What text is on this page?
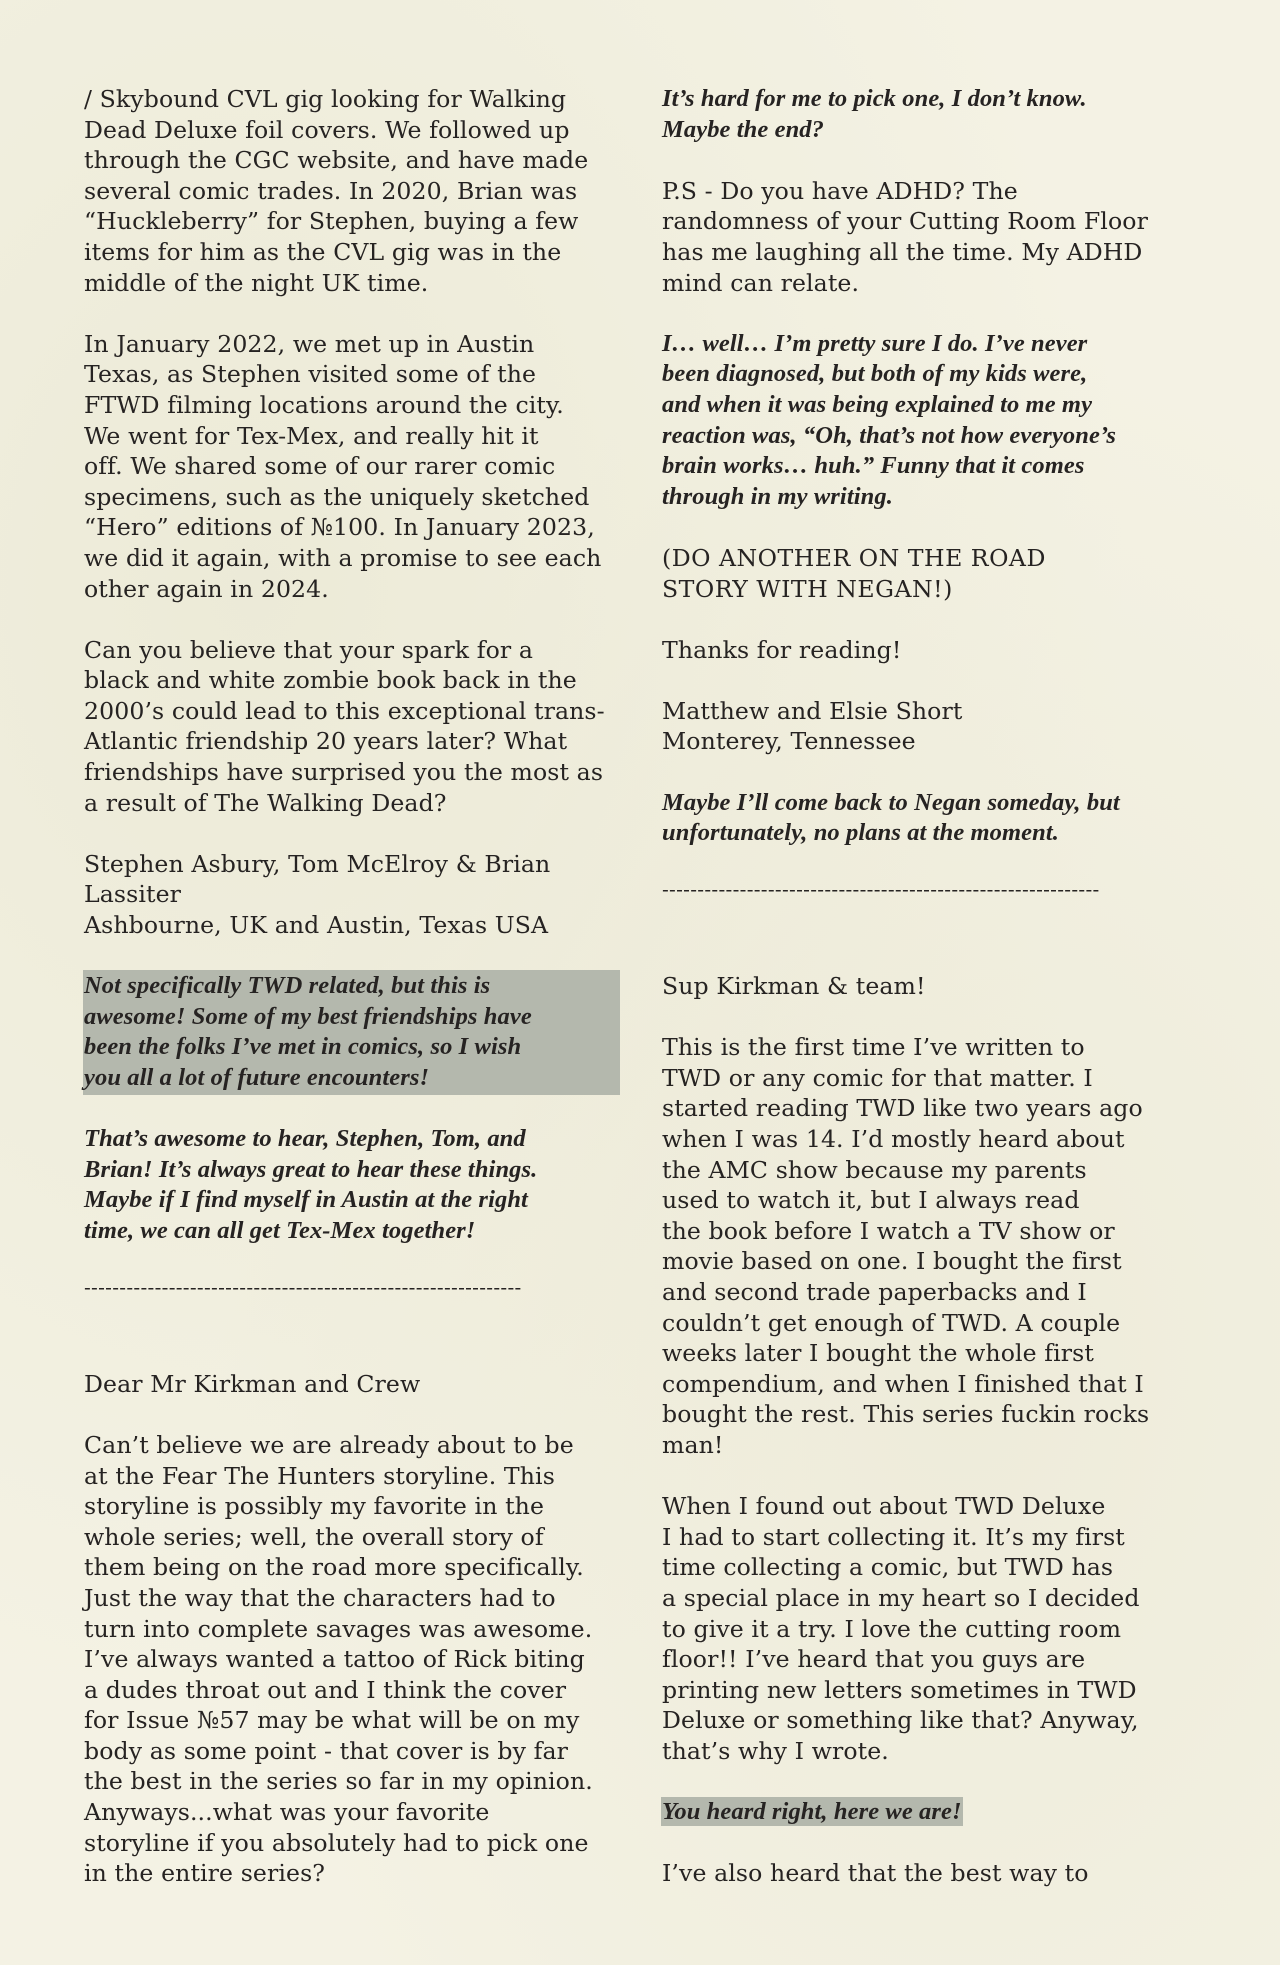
/ Skybound CVL gig looking for Walking
Dead Deluxe foil covers. We followed up
through the CGC website, and have made
several comic trades. In 2020, Brian was
“Huckleberry” for Stephen, buying a few
items for him as the CVL gig was in the
middle of the night UK time.
In January 2022, we met up in Austin
Texas, as Stephen visited some of the
FTWD filming locations around the city.
We went for Tex-Mex, and really hit it
off. We shared some of our rarer comic
specimens, such as the uniquely sketched
“Hero” editions of №100. In January 2023,
we did it again, with a promise to see each
other again in 2024.
Can you believe that your spark for a
black and white zombie book back in the
2000’s could lead to this exceptional trans-
Atlantic friendship 20 years later? What
friendships have surprised you the most as
a result of The Walking Dead?
Stephen Asbury, Tom McElroy & Brian
Lassiter
Ashbourne, UK and Austin, Texas USA
Not specifically TWD related, but this is
awesome! Some of my best friendships have
been the folks I’ve met in comics, so I wish
you all a lot of future encounters!
That’s awesome to hear, Stephen, Tom, and
Brian! It’s always great to hear these things.
Maybe if I find myself in Austin at the right
time, we can all get Tex-Mex together!
--------------------------------------------------------------
Dear Mr Kirkman and Crew
Can’t believe we are already about to be
at the Fear The Hunters storyline. This
storyline is possibly my favorite in the
whole series; well, the overall story of
them being on the road more specifically.
Just the way that the characters had to
turn into complete savages was awesome.
I’ve always wanted a tattoo of Rick biting
a dudes throat out and I think the cover
for Issue №57 may be what will be on my
body as some point - that cover is by far
the best in the series so far in my opinion.
Anyways...what was your favorite
storyline if you absolutely had to pick one
in the entire series?
It’s hard for me to pick one, I don’t know.
Maybe the end?
P.S - Do you have ADHD? The
randomness of your Cutting Room Floor
has me laughing all the time. My ADHD
mind can relate.
I… well… I’m pretty sure I do. I’ve never
been diagnosed, but both of my kids were,
and when it was being explained to me my
reaction was, “Oh, that’s not how everyone’s
brain works… huh.” Funny that it comes
through in my writing.
(DO ANOTHER ON THE ROAD
STORY WITH NEGAN!)
Thanks for reading!
Matthew and Elsie Short
Monterey, Tennessee
Maybe I’ll come back to Negan someday, but
unfortunately, no plans at the moment.
--------------------------------------------------------------
Sup Kirkman & team!
This is the first time I’ve written to
TWD or any comic for that matter. I
started reading TWD like two years ago
when I was 14. I’d mostly heard about
the AMC show because my parents
used to watch it, but I always read
the book before I watch a TV show or
movie based on one. I bought the first
and second trade paperbacks and I
couldn’t get enough of TWD. A couple
weeks later I bought the whole first
compendium, and when I finished that I
bought the rest. This series fuckin rocks
man!
When I found out about TWD Deluxe
I had to start collecting it. It’s my first
time collecting a comic, but TWD has
a special place in my heart so I decided
to give it a try. I love the cutting room
floor!! I’ve heard that you guys are
printing new letters sometimes in TWD
Deluxe or something like that? Anyway,
that’s why I wrote.
You heard right, here we are!
I’ve also heard that the best way to
